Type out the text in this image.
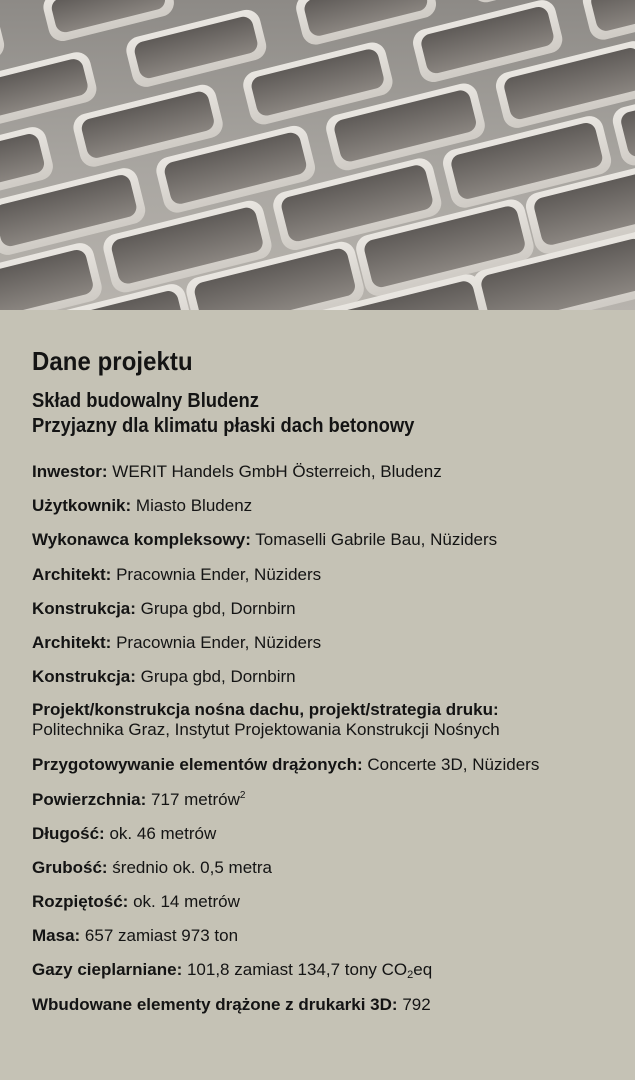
Dane projektu
Skład budowalny Bludenz
Przyjazny dla klimatu płaski dach betonowy
Inwestor: WERIT Handels GmbH Österreich, Bludenz
Użytkownik: Miasto Bludenz
Wykonawca kompleksowy: Tomaselli Gabrile Bau, Nüziders
Architekt: Pracownia Ender, Nüziders
Konstrukcja: Grupa gbd, Dornbirn
Architekt: Pracownia Ender, Nüziders
Konstrukcja: Grupa gbd, Dornbirn
Projekt/konstrukcja nośna dachu, projekt/strategia druku:
Politechnika Graz, Instytut Projektowania Konstrukcji Nośnych
Przygotowywanie elementów drążonych: Concerte 3D, Nüziders
Powierzchnia: 717 metrów$^2$
Długość: ok. 46 metrów
Grubość: średnio ok. 0,5 metra
Rozpiętość: ok. 14 metrów
Masa: 657 zamiast 973 ton
Gazy cieplarniane: 101,8 zamiast 134,7 tony $CO_2eq$
Wbudowane elementy drążone z drukarki 3D: 792
